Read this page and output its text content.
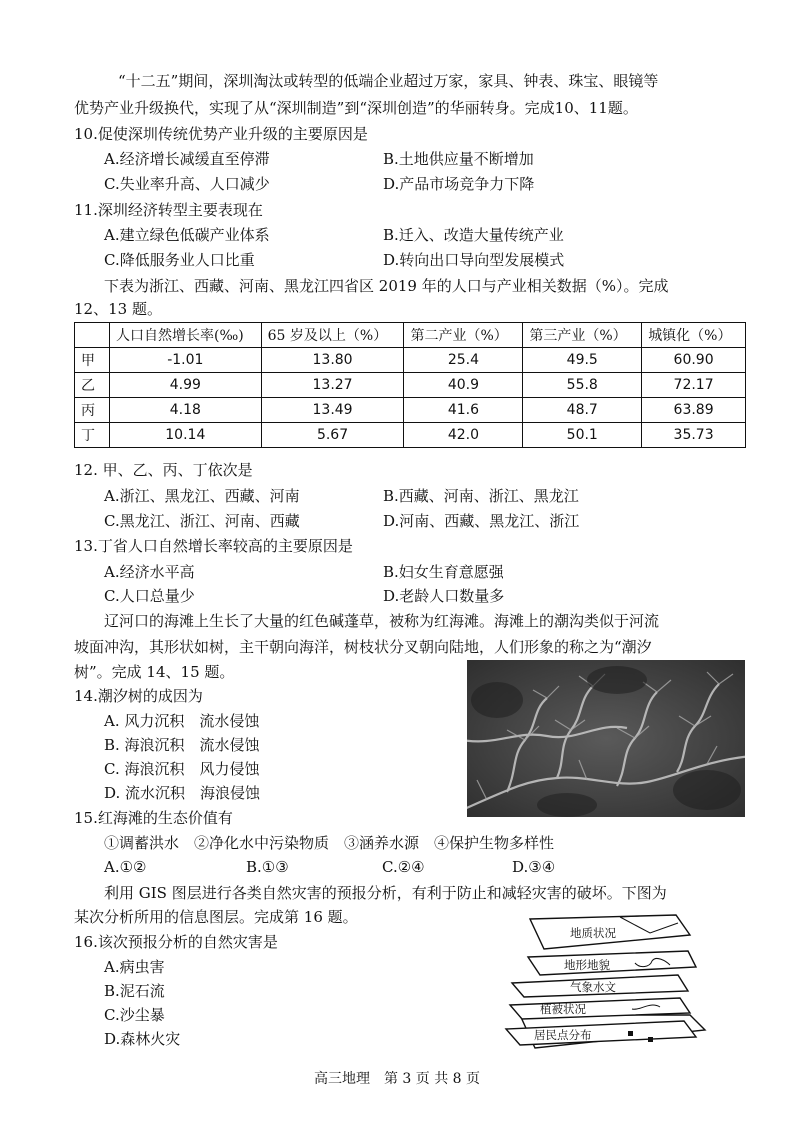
“十二五”期间，深圳淘汰或转型的低端企业超过万家，家具、钟表、珠宝、眼镜等
优势产业升级换代，实现了从“深圳制造”到“深圳创造”的华丽转身。完成10、11题。
10.促使深圳传统优势产业升级的主要原因是
A.经济增长减缓直至停滞	B.土地供应量不断增加
C.失业率升高、人口减少	D.产品市场竞争力下降
11.深圳经济转型主要表现在
A.建立绿色低碳产业体系	B.迁入、改造大量传统产业
C.降低服务业人口比重	D.转向出口导向型发展模式
下表为浙江、西藏、河南、黑龙江四省区 2019 年的人口与产业相关数据（%）。完成
12、13 题。
	人口自然增长率(‰)	65 岁及以上（%）	第二产业（%）	第三产业（%）	城镇化（%）
甲	-1.01	13.80	25.4	49.5	60.90
乙	4.99	13.27	40.9	55.8	72.17
丙	4.18	13.49	41.6	48.7	63.89
丁	10.14	5.67	42.0	50.1	35.73
12. 甲、乙、丙、丁依次是
A.浙江、黑龙江、西藏、河南	B.西藏、河南、浙江、黑龙江
C.黑龙江、浙江、河南、西藏	D.河南、西藏、黑龙江、浙江
13.丁省人口自然增长率较高的主要原因是
A.经济水平高	B.妇女生育意愿强
C.人口总量少	D.老龄人口数量多
辽河口的海滩上生长了大量的红色碱蓬草，被称为红海滩。海滩上的潮沟类似于河流
坡面冲沟，其形状如树，主干朝向海洋，树枝状分叉朝向陆地，人们形象的称之为“潮汐
树”。完成 14、15 题。
14.潮汐树的成因为
A. 风力沉积　流水侵蚀
B. 海浪沉积　流水侵蚀
C. 海浪沉积　风力侵蚀
D. 流水沉积　海浪侵蚀
15.红海滩的生态价值有
①调蓄洪水　②净化水中污染物质　③涵养水源　④保护生物多样性
A.①②	B.①③	C.②④	D.③④
利用 GIS 图层进行各类自然灾害的预报分析，有利于防止和减轻灾害的破坏。下图为
某次分析所用的信息图层。完成第 16 题。
16.该次预报分析的自然灾害是
A.病虫害
B.泥石流
C.沙尘暴
D.森林火灾
地质状况
地形地貌
气象水文
植被状况
居民点分布
高三地理　第 3 页 共 8 页
